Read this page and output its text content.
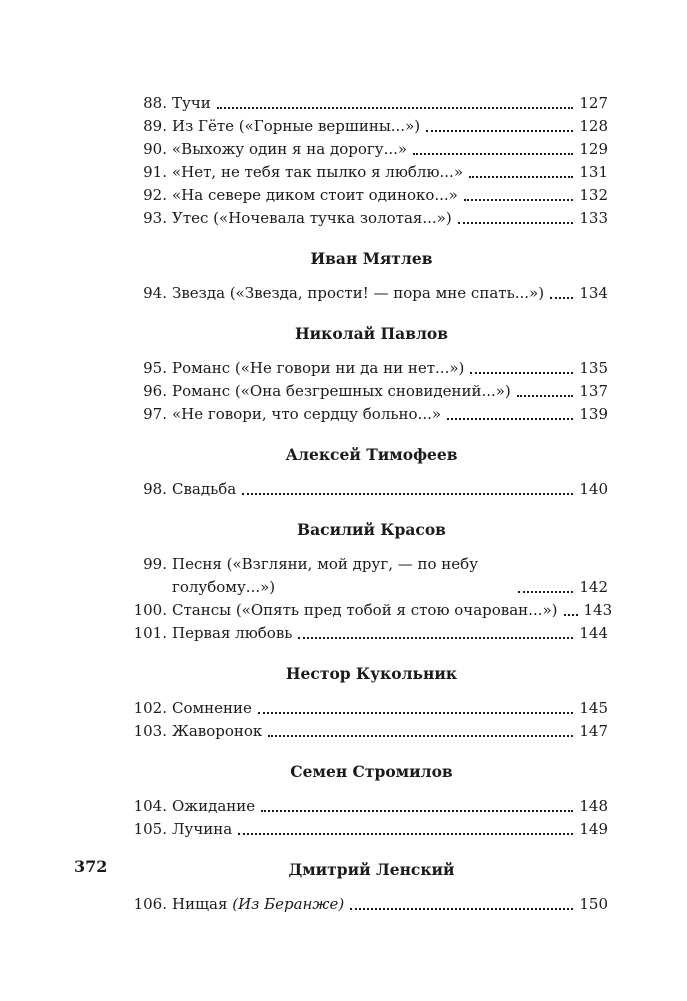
88. Тучи	127
89. Из Гёте («Горные вершины...»)	128
90. «Выхожу один я на дорогу...»	129
91. «Нет, не тебя так пылко я люблю...»	131
92. «На севере диком стоит одиноко...»	132
93. Утес («Ночевала тучка золотая...»)	133
Иван Мятлев
94. Звезда («Звезда, прости! — пора мне спать...») 134
Николай Павлов
95. Романс («Не говори ни да ни нет...»)	135
96. Романс («Она безгрешных сновидений...»)	137
97. «Не говори, что сердцу больно...»	139
Алексей Тимофеев
98. Свадьба	140
Василий Красов
99. Песня («Взгляни, мой друг, — по небу голубому...»)	142
100. Стансы («Опять пред тобой я стою очарован...») 143
101. Первая любовь	144
Нестор Кукольник
102. Сомнение	145
103. Жаворонок	147
Семен Стромилов
104. Ожидание	148
105. Лучина	149
Дмитрий Ленский
106. Нищая (Из Беранже)	150
372
